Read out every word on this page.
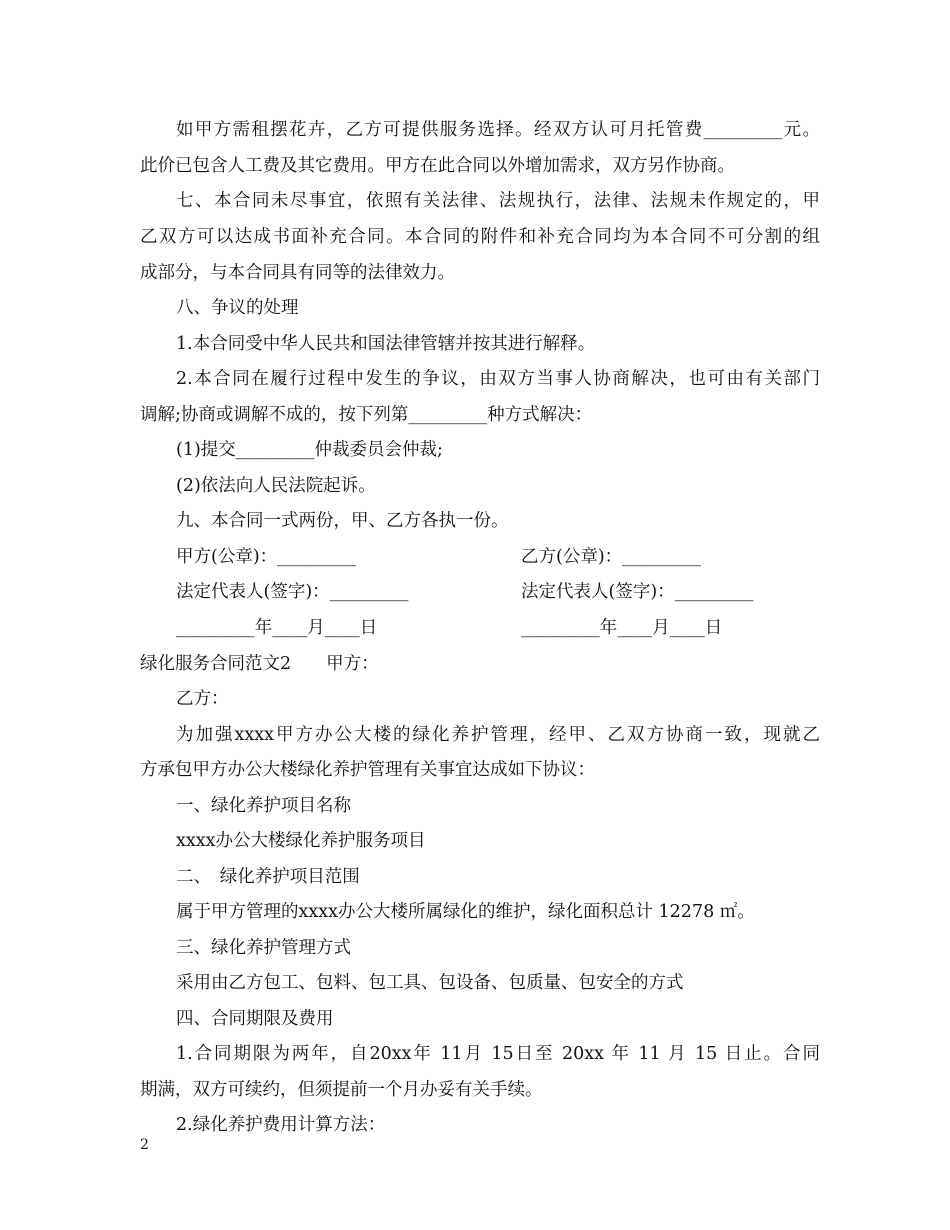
如甲方需租摆花卉，乙方可提供服务选择。经双方认可月托管费_________元。
此价已包含人工费及其它费用。甲方在此合同以外增加需求，双方另作协商。
七、本合同未尽事宜，依照有关法律、法规执行，法律、法规未作规定的，甲
乙双方可以达成书面补充合同。本合同的附件和补充合同均为本合同不可分割的组
成部分，与本合同具有同等的法律效力。
八、争议的处理
1.本合同受中华人民共和国法律管辖并按其进行解释。
2.本合同在履行过程中发生的争议，由双方当事人协商解决，也可由有关部门
调解;协商或调解不成的，按下列第_________种方式解决：
(1)提交_________仲裁委员会仲裁;
(2)依法向人民法院起诉。
九、本合同一式两份，甲、乙方各执一份。
甲方(公章)：_________	乙方(公章)：_________
法定代表人(签字)：_________	法定代表人(签字)：_________
_________年____月____日	_________年____月____日
绿化服务合同范文2　　甲方：
乙方：
为加强xxxx甲方办公大楼的绿化养护管理，经甲、乙双方协商一致，现就乙
方承包甲方办公大楼绿化养护管理有关事宜达成如下协议：
一、绿化养护项目名称
xxxx办公大楼绿化养护服务项目
二、　绿化养护项目范围
属于甲方管理的xxxx办公大楼所属绿化的维护，绿化面积总计 12278 ㎡。
三、绿化养护管理方式
采用由乙方包工、包料、包工具、包设备、包质量、包安全的方式
四、合同期限及费用
1.合同期限为两年，自20xx年 11月 15日至 20xx 年 11 月 15 日止。合同
期满，双方可续约，但须提前一个月办妥有关手续。
2.绿化养护费用计算方法：
2
